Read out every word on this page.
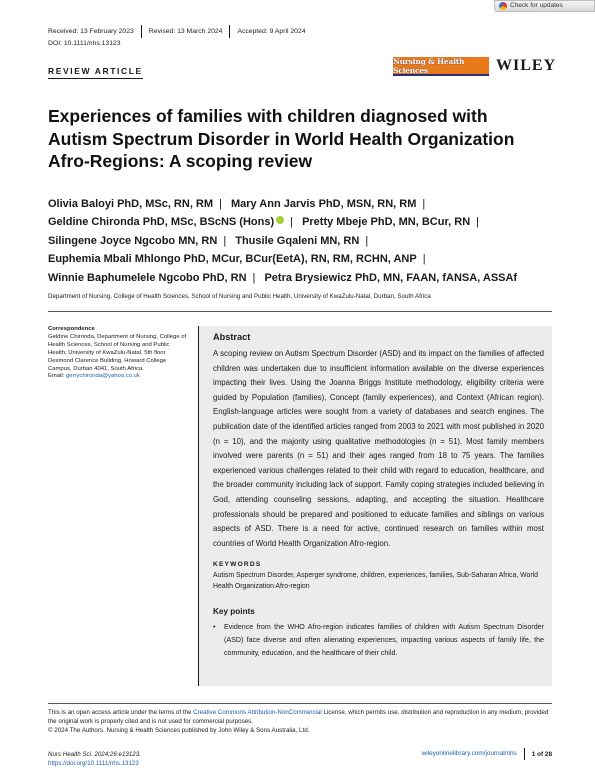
Check for updates
Received: 13 February 2023	Revised: 13 March 2024	Accepted: 9 April 2024
DOI: 10.1111/nhs.13123
REVIEW ARTICLE
Nursing & Health Sciences	WILEY
Experiences of families with children diagnosed with Autism Spectrum Disorder in World Health Organization Afro-Regions: A scoping review
Olivia Baloyi PhD, MSc, RN, RM | Mary Ann Jarvis PhD, MSN, RN, RM |
Geldine Chironda PhD, MSc, BScNS (Hons) | Pretty Mbeje PhD, MN, BCur, RN |
Silingene Joyce Ngcobo MN, RN | Thusile Gqaleni MN, RN |
Euphemia Mbali Mhlongo PhD, MCur, BCur(EetA), RN, RM, RCHN, ANP |
Winnie Baphumelele Ngcobo PhD, RN | Petra Brysiewicz PhD, MN, FAAN, fANSA, ASSAf
Department of Nursing, College of Health Sciences, School of Nursing and Public Health, University of KwaZulu-Natal, Durban, South Africa
Correspondence
Geldine Chironda, Department of Nursing, College of Health Sciences, School of Nursing and Public Health, University of KwaZulu-Natal, 5th floor Desmond Clarence Building, Howard College Campus, Durban 4041, South Africa.
Email: gerrychironda@yahoo.co.uk
Abstract

A scoping review on Autism Spectrum Disorder (ASD) and its impact on the families of affected children was undertaken due to insufficient information available on the diverse experiences impacting their lives. Using the Joanna Briggs Institute methodology, eligibility criteria were guided by Population (families), Concept (family experiences), and Context (African region). English-language articles were sought from a variety of databases and search engines. The publication date of the identified articles ranged from 2003 to 2021 with most published in 2020 (n = 10), and the majority using qualitative methodologies (n = 51). Most family members involved were parents (n = 51) and their ages ranged from 18 to 75 years. The families experienced various challenges related to their child with regard to education, healthcare, and the broader community including lack of support. Family coping strategies included believing in God, attending counseling sessions, adapting, and accepting the situation. Healthcare professionals should be prepared and positioned to educate families and siblings on various aspects of ASD. There is a need for active, continued research on families within most countries of World Health Organization Afro-region.

KEYWORDS
Autism Spectrum Disorder, Asperger syndrome, children, experiences, families, Sub-Saharan Africa, World Health Organization Afro-region
Key points
• Evidence from the WHO Afro-region indicates families of children with Autism Spectrum Disorder (ASD) face diverse and often alienating experiences, impacting various aspects of family life, the community, education, and the healthcare of their child.
This is an open access article under the terms of the Creative Commons Attribution-NonCommercial License, which permits use, distribution and reproduction in any medium, provided the original work is properly cited and is not used for commercial purposes.
© 2024 The Authors. Nursing & Health Sciences published by John Wiley & Sons Australia, Ltd.
Nurs Health Sci. 2024;26:e13123.
https://doi.org/10.1111/nhs.13123
wileyonlinelibrary.com/journal/nhs	1 of 28
